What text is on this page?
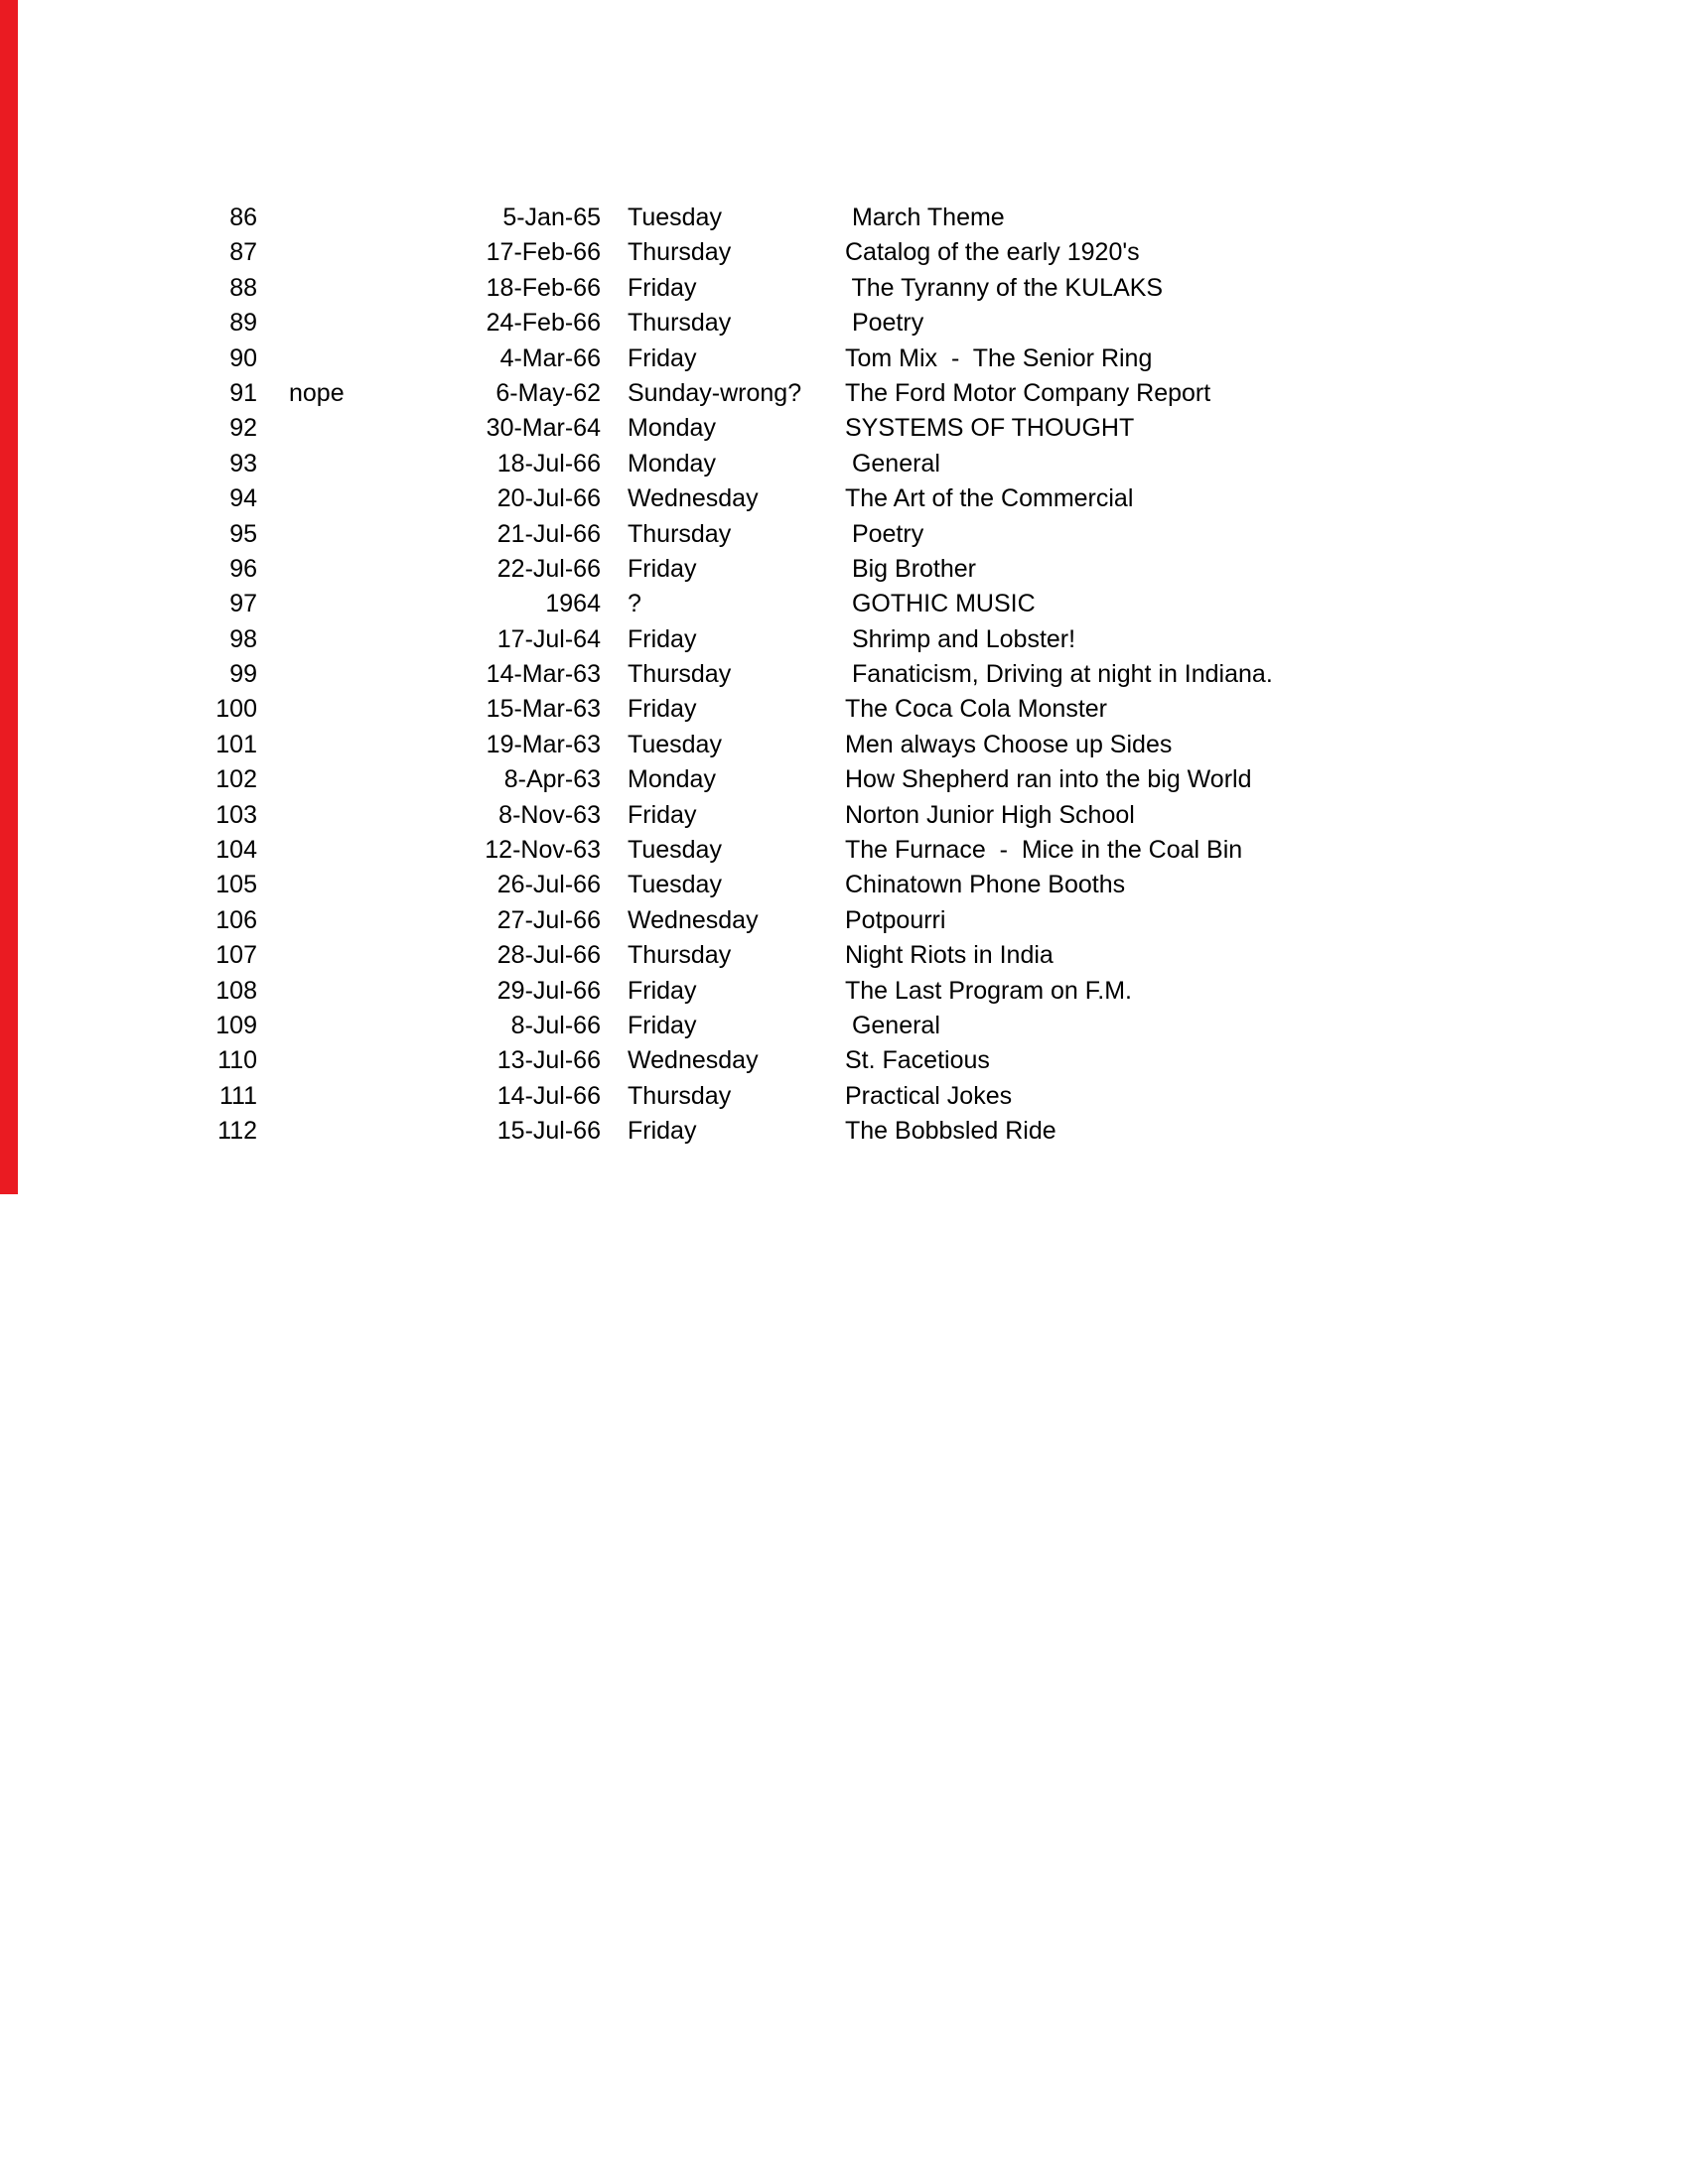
86	5-Jan-65 Tuesday	March Theme
87	17-Feb-66 Thursday	Catalog of the early 1920's
88	18-Feb-66 Friday	The Tyranny of the KULAKS
89	24-Feb-66 Thursday	Poetry
90	4-Mar-66 Friday	Tom Mix  -  The Senior Ring
91 nope	6-May-62 Sunday-wrong?	The Ford Motor Company Report
92	30-Mar-64 Monday	SYSTEMS OF THOUGHT
93	18-Jul-66 Monday	General
94	20-Jul-66 Wednesday	The Art of the Commercial
95	21-Jul-66 Thursday	Poetry
96	22-Jul-66 Friday	Big Brother
97	1964 ?	GOTHIC MUSIC
98	17-Jul-64 Friday	Shrimp and Lobster!
99	14-Mar-63 Thursday	Fanaticism, Driving at night in Indiana.
100	15-Mar-63 Friday	The Coca Cola Monster
101	19-Mar-63 Tuesday	Men always Choose up Sides
102	8-Apr-63 Monday	How Shepherd ran into the big World
103	8-Nov-63 Friday	Norton Junior High School
104	12-Nov-63 Tuesday	The Furnace  -  Mice in the Coal Bin
105	26-Jul-66 Tuesday	Chinatown Phone Booths
106	27-Jul-66 Wednesday	Potpourri
107	28-Jul-66 Thursday	Night Riots in India
108	29-Jul-66 Friday	The Last Program on F.M.
109	8-Jul-66 Friday	General
110	13-Jul-66 Wednesday	St. Facetious
111	14-Jul-66 Thursday	Practical Jokes
112	15-Jul-66 Friday	The Bobbsled Ride
